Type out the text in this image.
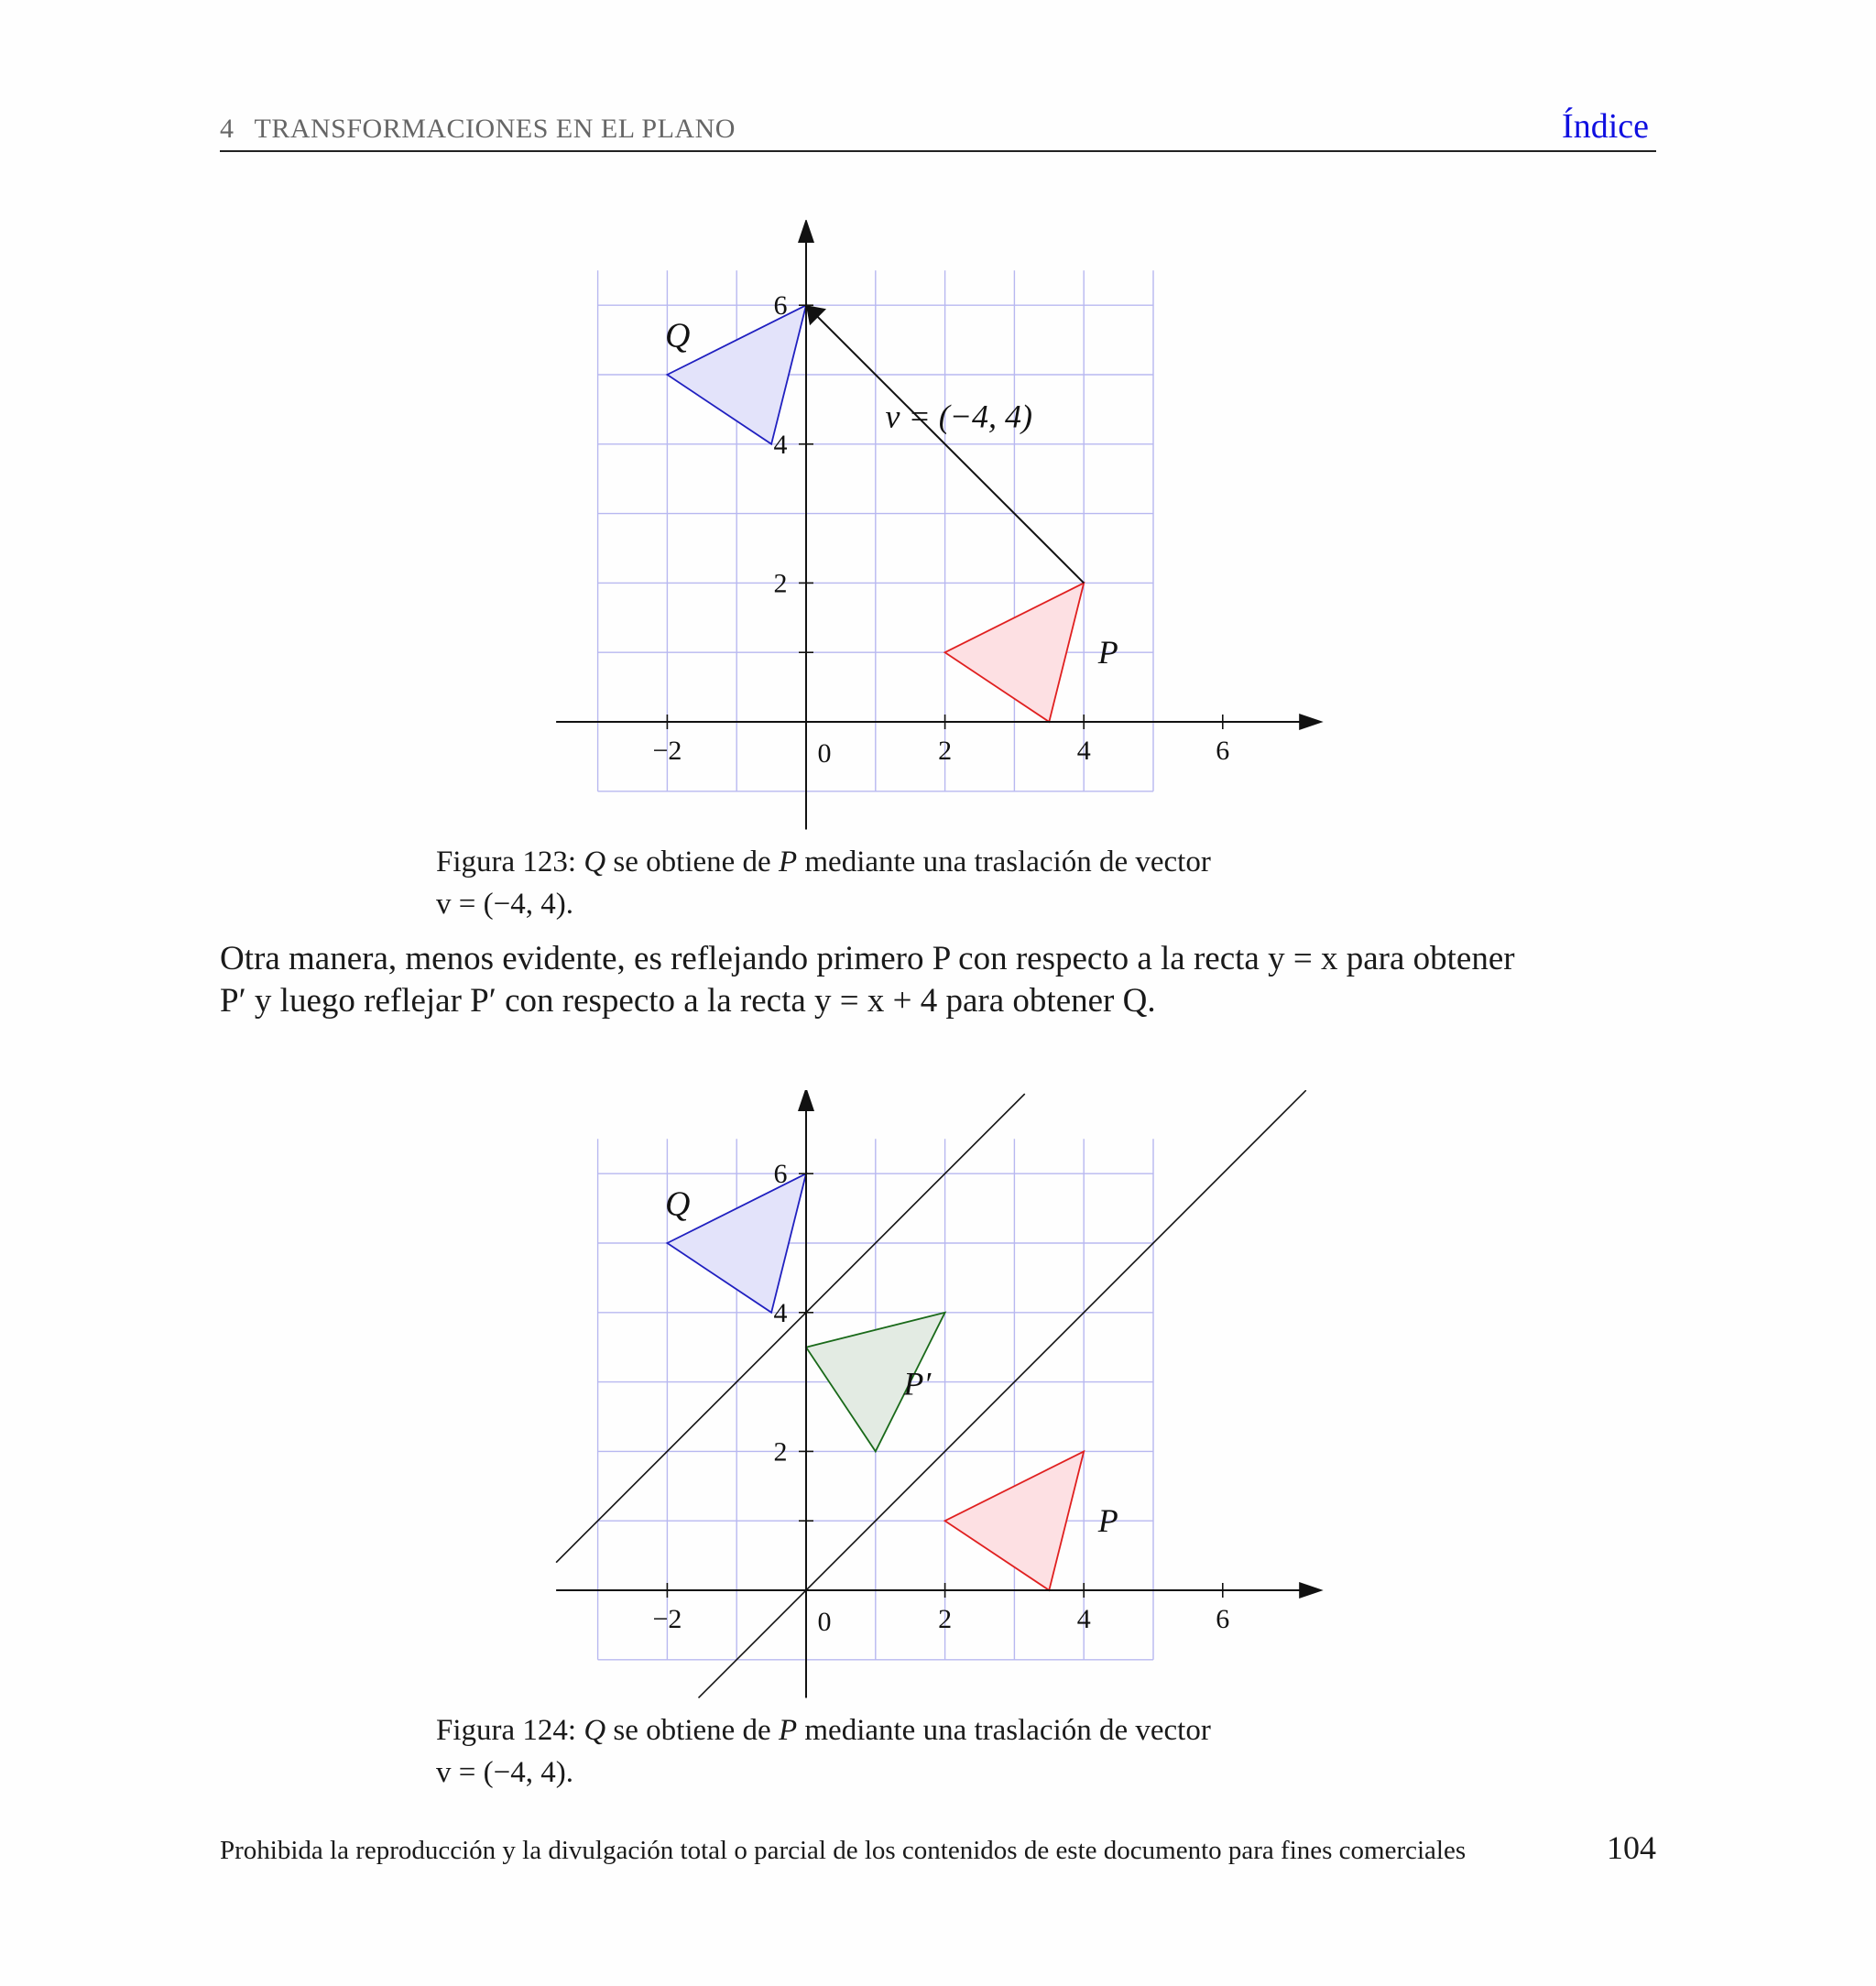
4 TRANSFORMACIONES EN EL PLANO	Índice
−2	0	2	4	6
2
4
6
Q
P
v = (−4, 4)
Figura 123: Q se obtiene de P mediante una traslación de vector
v = (−4, 4).
Otra manera, menos evidente, es reflejando primero P con respecto a la recta y = x para obtener
P′ y luego reflejar P′ con respecto a la recta y = x + 4 para obtener Q.
−2	0	2	4	6
2
4
6
Q
P
P′
Figura 124: Q se obtiene de P mediante una traslación de vector
v = (−4, 4).
Prohibida la reproducción y la divulgación total o parcial de los contenidos de este documento para fines comerciales	104
